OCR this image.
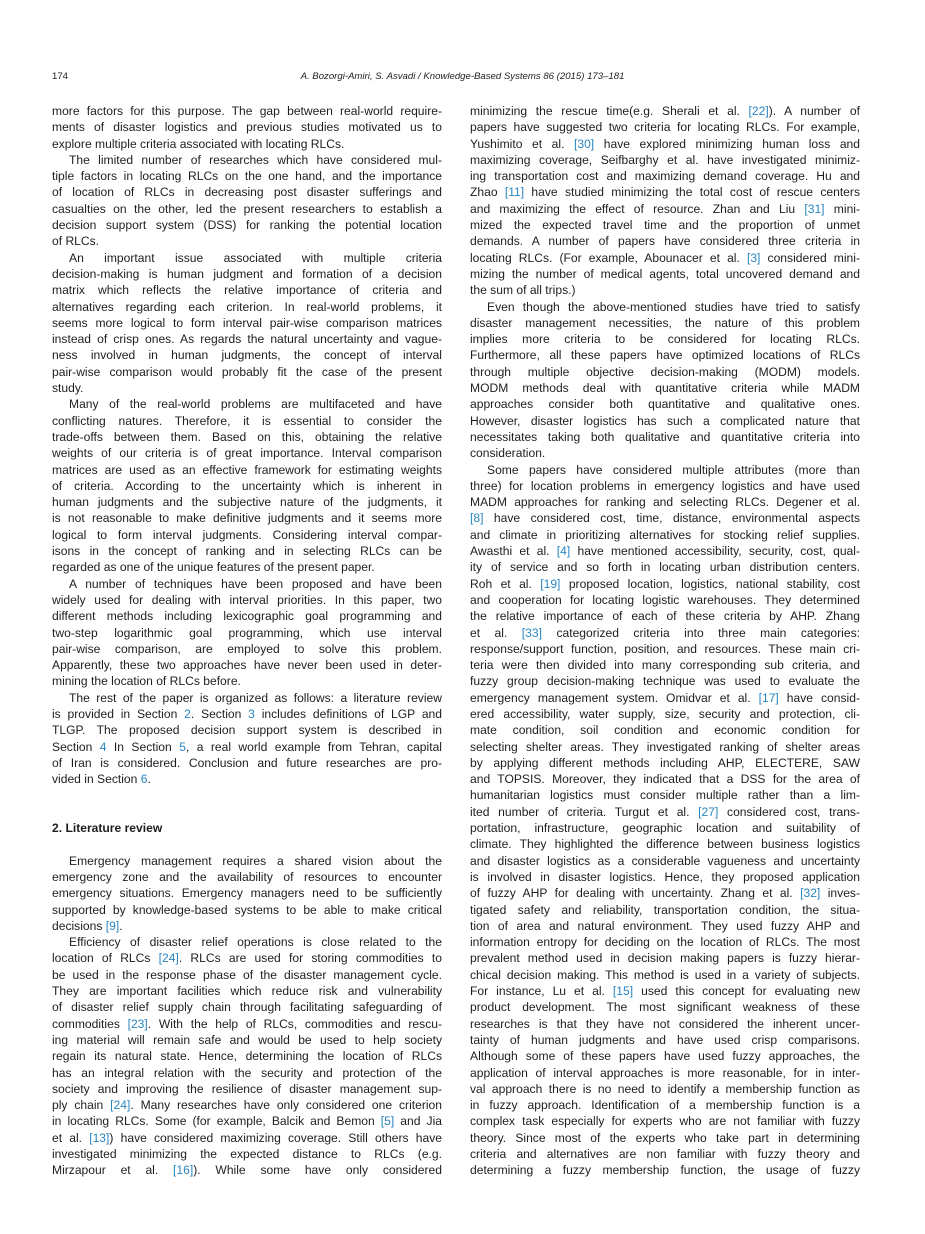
174	A. Bozorgi-Amiri, S. Asvadi / Knowledge-Based Systems 86 (2015) 173–181
more factors for this purpose. The gap between real-world require-
ments of disaster logistics and previous studies motivated us to
explore multiple criteria associated with locating RLCs.
The limited number of researches which have considered mul-
tiple factors in locating RLCs on the one hand, and the importance
of location of RLCs in decreasing post disaster sufferings and
casualties on the other, led the present researchers to establish a
decision support system (DSS) for ranking the potential location
of RLCs.
An important issue associated with multiple criteria
decision-making is human judgment and formation of a decision
matrix which reflects the relative importance of criteria and
alternatives regarding each criterion. In real-world problems, it
seems more logical to form interval pair-wise comparison matrices
instead of crisp ones. As regards the natural uncertainty and vague-
ness involved in human judgments, the concept of interval
pair-wise comparison would probably fit the case of the present
study.
Many of the real-world problems are multifaceted and have
conflicting natures. Therefore, it is essential to consider the
trade-offs between them. Based on this, obtaining the relative
weights of our criteria is of great importance. Interval comparison
matrices are used as an effective framework for estimating weights
of criteria. According to the uncertainty which is inherent in
human judgments and the subjective nature of the judgments, it
is not reasonable to make definitive judgments and it seems more
logical to form interval judgments. Considering interval compar-
isons in the concept of ranking and in selecting RLCs can be
regarded as one of the unique features of the present paper.
A number of techniques have been proposed and have been
widely used for dealing with interval priorities. In this paper, two
different methods including lexicographic goal programming and
two-step logarithmic goal programming, which use interval
pair-wise comparison, are employed to solve this problem.
Apparently, these two approaches have never been used in deter-
mining the location of RLCs before.
The rest of the paper is organized as follows: a literature review
is provided in Section 2. Section 3 includes definitions of LGP and
TLGP. The proposed decision support system is described in
Section 4 In Section 5, a real world example from Tehran, capital
of Iran is considered. Conclusion and future researches are pro-
vided in Section 6.
2. Literature review
Emergency management requires a shared vision about the
emergency zone and the availability of resources to encounter
emergency situations. Emergency managers need to be sufficiently
supported by knowledge-based systems to be able to make critical
decisions [9].
Efficiency of disaster relief operations is close related to the
location of RLCs [24]. RLCs are used for storing commodities to
be used in the response phase of the disaster management cycle.
They are important facilities which reduce risk and vulnerability
of disaster relief supply chain through facilitating safeguarding of
commodities [23]. With the help of RLCs, commodities and rescu-
ing material will remain safe and would be used to help society
regain its natural state. Hence, determining the location of RLCs
has an integral relation with the security and protection of the
society and improving the resilience of disaster management sup-
ply chain [24]. Many researches have only considered one criterion
in locating RLCs. Some (for example, Balcik and Bemon [5] and Jia
et al. [13]) have considered maximizing coverage. Still others have
investigated minimizing the expected distance to RLCs (e.g.
Mirzapour et al. [16]). While some have only considered
minimizing the rescue time(e.g. Sherali et al. [22]). A number of
papers have suggested two criteria for locating RLCs. For example,
Yushimito et al. [30] have explored minimizing human loss and
maximizing coverage, Seifbarghy et al. have investigated minimiz-
ing transportation cost and maximizing demand coverage. Hu and
Zhao [11] have studied minimizing the total cost of rescue centers
and maximizing the effect of resource. Zhan and Liu [31] mini-
mized the expected travel time and the proportion of unmet
demands. A number of papers have considered three criteria in
locating RLCs. (For example, Abounacer et al. [3] considered mini-
mizing the number of medical agents, total uncovered demand and
the sum of all trips.)
Even though the above-mentioned studies have tried to satisfy
disaster management necessities, the nature of this problem
implies more criteria to be considered for locating RLCs.
Furthermore, all these papers have optimized locations of RLCs
through multiple objective decision-making (MODM) models.
MODM methods deal with quantitative criteria while MADM
approaches consider both quantitative and qualitative ones.
However, disaster logistics has such a complicated nature that
necessitates taking both qualitative and quantitative criteria into
consideration.
Some papers have considered multiple attributes (more than
three) for location problems in emergency logistics and have used
MADM approaches for ranking and selecting RLCs. Degener et al.
[8] have considered cost, time, distance, environmental aspects
and climate in prioritizing alternatives for stocking relief supplies.
Awasthi et al. [4] have mentioned accessibility, security, cost, qual-
ity of service and so forth in locating urban distribution centers.
Roh et al. [19] proposed location, logistics, national stability, cost
and cooperation for locating logistic warehouses. They determined
the relative importance of each of these criteria by AHP. Zhang
et al. [33] categorized criteria into three main categories:
response/support function, position, and resources. These main cri-
teria were then divided into many corresponding sub criteria, and
fuzzy group decision-making technique was used to evaluate the
emergency management system. Omidvar et al. [17] have consid-
ered accessibility, water supply, size, security and protection, cli-
mate condition, soil condition and economic condition for
selecting shelter areas. They investigated ranking of shelter areas
by applying different methods including AHP, ELECTERE, SAW
and TOPSIS. Moreover, they indicated that a DSS for the area of
humanitarian logistics must consider multiple rather than a lim-
ited number of criteria. Turgut et al. [27] considered cost, trans-
portation, infrastructure, geographic location and suitability of
climate. They highlighted the difference between business logistics
and disaster logistics as a considerable vagueness and uncertainty
is involved in disaster logistics. Hence, they proposed application
of fuzzy AHP for dealing with uncertainty. Zhang et al. [32] inves-
tigated safety and reliability, transportation condition, the situa-
tion of area and natural environment. They used fuzzy AHP and
information entropy for deciding on the location of RLCs. The most
prevalent method used in decision making papers is fuzzy hierar-
chical decision making. This method is used in a variety of subjects.
For instance, Lu et al. [15] used this concept for evaluating new
product development. The most significant weakness of these
researches is that they have not considered the inherent uncer-
tainty of human judgments and have used crisp comparisons.
Although some of these papers have used fuzzy approaches, the
application of interval approaches is more reasonable, for in inter-
val approach there is no need to identify a membership function as
in fuzzy approach. Identification of a membership function is a
complex task especially for experts who are not familiar with fuzzy
theory. Since most of the experts who take part in determining
criteria and alternatives are non familiar with fuzzy theory and
determining a fuzzy membership function, the usage of fuzzy
